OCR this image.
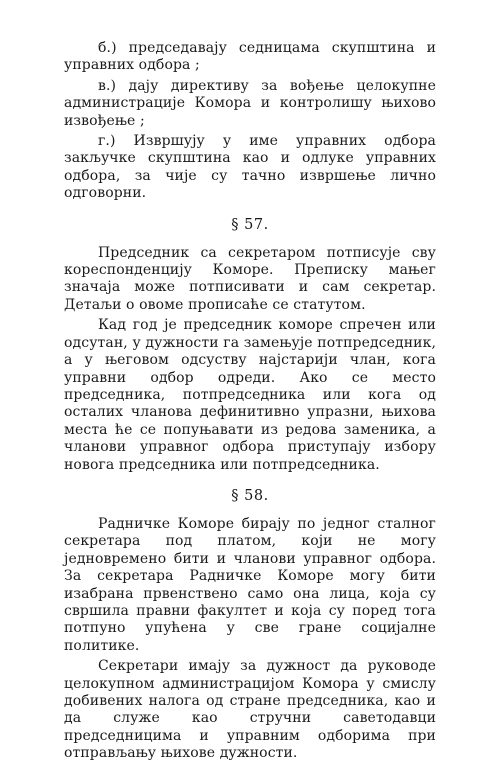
б.) председавају седницама скупштина и управних одбора ;

в.) дају директиву за вођење целокупне администрације Комора и контролишу њихово извођење ;

г.) Извршују у име управних одбора закључке скупштина као и одлуке управних одбора, за чије су тачно извршење лично одговорни.

§ 57.

Председник са секретаром потписује сву кореспонденцију Коморе. Преписку мањег значаја може потписивати и сам секретар. Детаљи о овоме прописаће се статутом.

Кад год је председник коморе спречен или одсутан, у дужности га замењује потпредседник, а у његовом одсуству најстарији члан, кога управни одбор одреди. Ако се место председника, потпредседника или кога од осталих чланова дефинитивно упразни, њихова места ће се попуњавати из редова заменика, а чланови управног одбора приступају избору новога председника или потпредседника.

§ 58.

Радничке Коморе бирају по једног сталног секретара под платом, који не могу једновремено бити и чланови управног одбора. За секретара Радничке Коморе могу бити изабрана првенствено само она лица, која су свршила правни факултет и која су поред тога потпуно упућена у све гране социјалне политике.

Секретари имају за дужност да руководе целокупном администрацијом Комора у смислу добивених налога од стране председника, као и да служе као стручни саветодавци председницима и управним одборима при отправљању њихове дужности.
